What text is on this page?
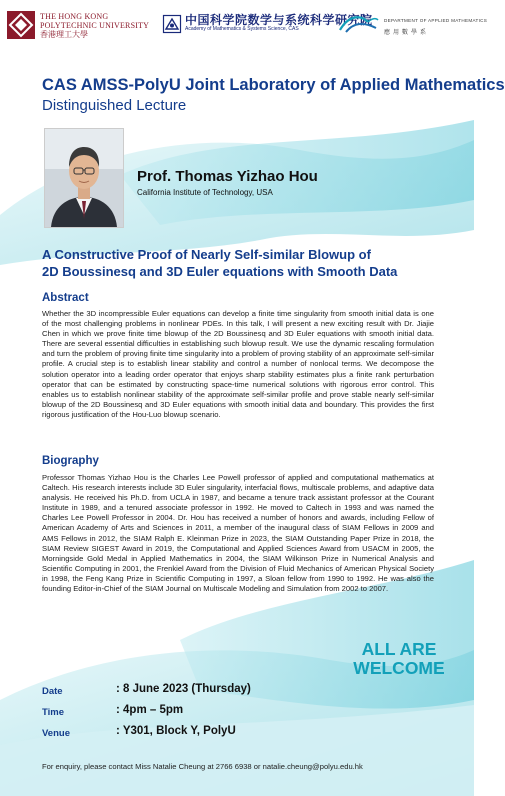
THE HONG KONG
POLYTECHNIC UNIVERSITY
香港理工大學
中国科学院数学与系统科学研究院
Academy of Mathematics & Systems Science, CAS
DEPARTMENT OF APPLIED MATHEMATICS
應用數學系
CAS AMSS-PolyU Joint Laboratory of Applied Mathematics
Distinguished Lecture
Prof. Thomas Yizhao Hou
California Institute of Technology, USA
A Constructive Proof of Nearly Self-similar Blowup of
2D Boussinesq and 3D Euler equations with Smooth Data
Abstract
Whether the 3D incompressible Euler equations can develop a finite time singularity from smooth initial data is one of the most challenging problems in nonlinear PDEs. In this talk, I will present a new exciting result with Dr. Jiajie Chen in which we prove finite time blowup of the 2D Boussinesq and 3D Euler equations with smooth initial data. There are several essential difficulties in establishing such blowup result. We use the dynamic rescaling formulation and turn the problem of proving finite time singularity into a problem of proving stability of an approximate self-similar profile. A crucial step is to establish linear stability and control a number of nonlocal terms. We decompose the solution operator into a leading order operator that enjoys sharp stability estimates plus a finite rank perturbation operator that can be estimated by constructing space-time numerical solutions with rigorous error control. This enables us to establish nonlinear stability of the approximate self-similar profile and prove stable nearly self-similar blowup of the 2D Boussinesq and 3D Euler equations with smooth initial data and boundary. This provides the first rigorous justification of the Hou-Luo blowup scenario.
Biography
Professor Thomas Yizhao Hou is the Charles Lee Powell professor of applied and computational mathematics at Caltech. His research interests include 3D Euler singularity, interfacial flows, multiscale problems, and adaptive data analysis. He received his Ph.D. from UCLA in 1987, and became a tenure track assistant professor at the Courant Institute in 1989, and a tenured associate professor in 1992. He moved to Caltech in 1993 and was named the Charles Lee Powell Professor in 2004. Dr. Hou has received a number of honors and awards, including Fellow of American Academy of Arts and Sciences in 2011, a member of the inaugural class of SIAM Fellows in 2009 and AMS Fellows in 2012, the SIAM Ralph E. Kleinman Prize in 2023, the SIAM Outstanding Paper Prize in 2018, the SIAM Review SIGEST Award in 2019, the Computational and Applied Sciences Award from USACM in 2005, the Morningside Gold Medal in Applied Mathematics in 2004, the SIAM Wilkinson Prize in Numerical Analysis and Scientific Computing in 2001, the Frenkiel Award from the Division of Fluid Mechanics of American Physical Society in 1998, the Feng Kang Prize in Scientific Computing in 1997, a Sloan fellow from 1990 to 1992. He was also the founding Editor-in-Chief of the SIAM Journal on Multiscale Modeling and Simulation from 2002 to 2007.
ALL ARE
WELCOME
Date	: 8 June 2023 (Thursday)
Time	: 4pm – 5pm
Venue	: Y301, Block Y, PolyU
For enquiry, please contact Miss Natalie Cheung at 2766 6938 or natalie.cheung@polyu.edu.hk
